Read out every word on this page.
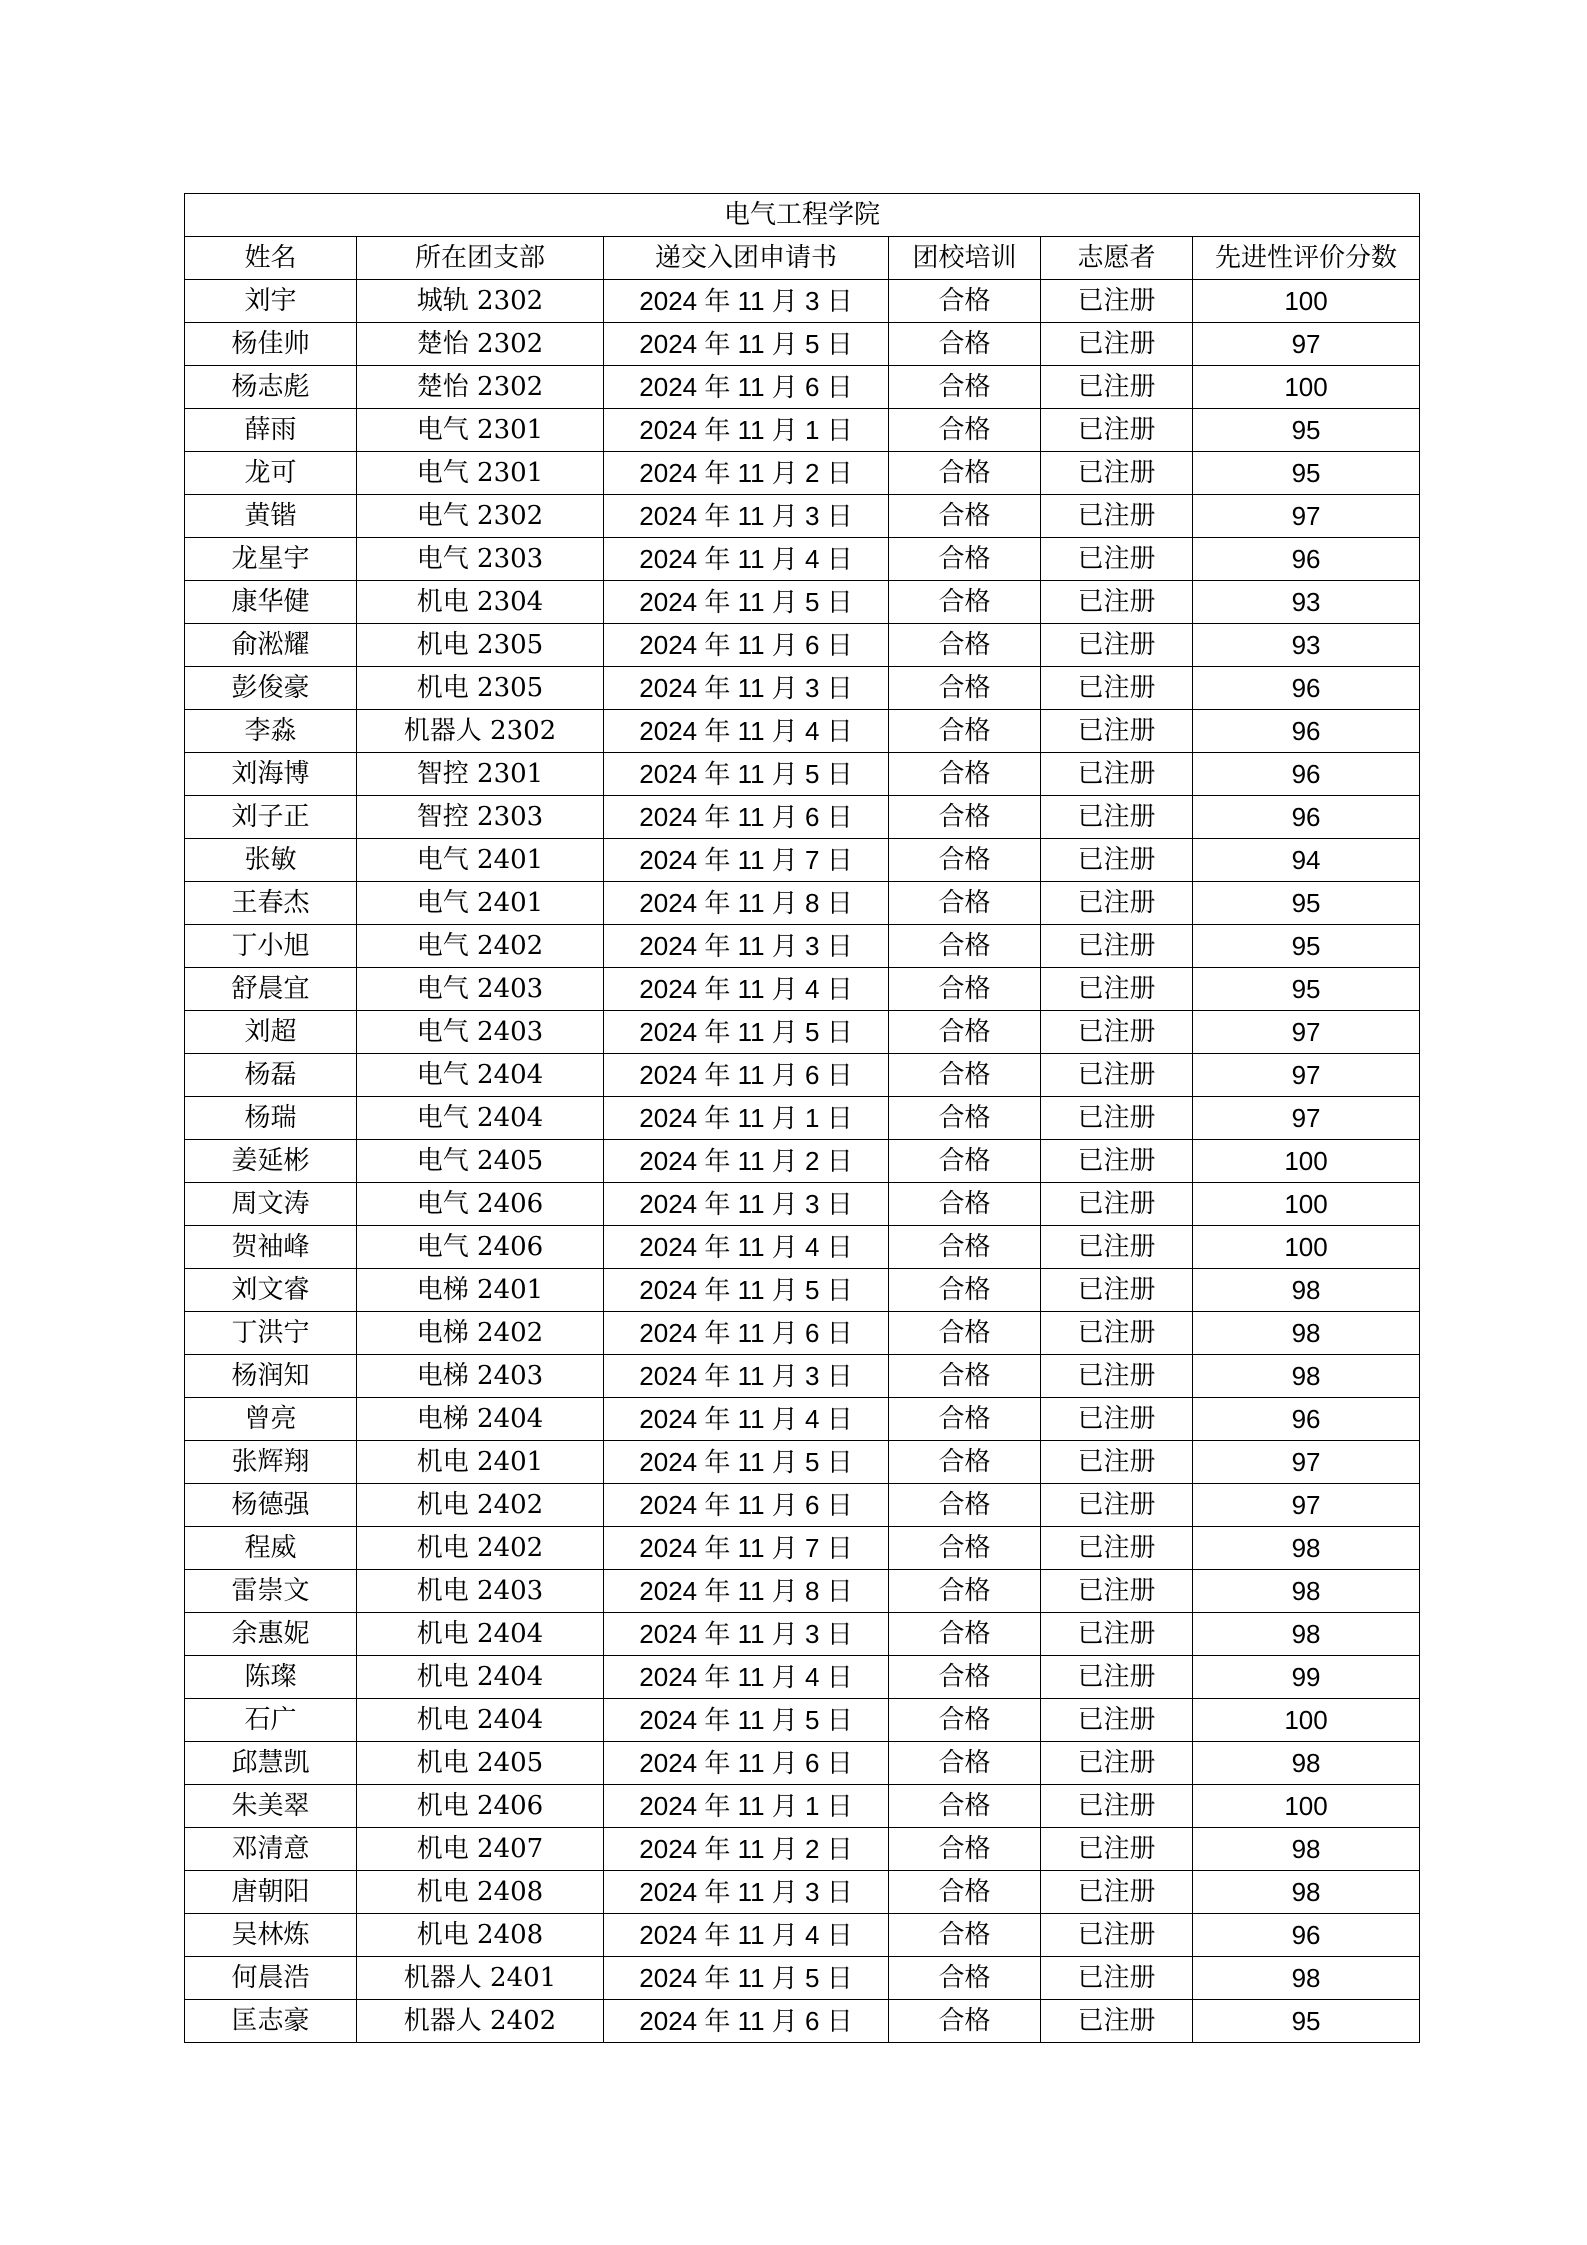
电气工程学院					
姓名	所在团支部	递交入团申请书	团校培训	志愿者	先进性评价分数
刘宇	城轨 2302	2024 年 11 月 3 日	合格	已注册	100
杨佳帅	楚怡 2302	2024 年 11 月 5 日	合格	已注册	97
杨志彪	楚怡 2302	2024 年 11 月 6 日	合格	已注册	100
薛雨	电气 2301	2024 年 11 月 1 日	合格	已注册	95
龙可	电气 2301	2024 年 11 月 2 日	合格	已注册	95
黄锴	电气 2302	2024 年 11 月 3 日	合格	已注册	97
龙星宇	电气 2303	2024 年 11 月 4 日	合格	已注册	96
康华健	机电 2304	2024 年 11 月 5 日	合格	已注册	93
俞淞耀	机电 2305	2024 年 11 月 6 日	合格	已注册	93
彭俊豪	机电 2305	2024 年 11 月 3 日	合格	已注册	96
李淼	机器人 2302	2024 年 11 月 4 日	合格	已注册	96
刘海博	智控 2301	2024 年 11 月 5 日	合格	已注册	96
刘子正	智控 2303	2024 年 11 月 6 日	合格	已注册	96
张敏	电气 2401	2024 年 11 月 7 日	合格	已注册	94
王春杰	电气 2401	2024 年 11 月 8 日	合格	已注册	95
丁小旭	电气 2402	2024 年 11 月 3 日	合格	已注册	95
舒晨宜	电气 2403	2024 年 11 月 4 日	合格	已注册	95
刘超	电气 2403	2024 年 11 月 5 日	合格	已注册	97
杨磊	电气 2404	2024 年 11 月 6 日	合格	已注册	97
杨瑞	电气 2404	2024 年 11 月 1 日	合格	已注册	97
姜延彬	电气 2405	2024 年 11 月 2 日	合格	已注册	100
周文涛	电气 2406	2024 年 11 月 3 日	合格	已注册	100
贺袖峰	电气 2406	2024 年 11 月 4 日	合格	已注册	100
刘文睿	电梯 2401	2024 年 11 月 5 日	合格	已注册	98
丁洪宁	电梯 2402	2024 年 11 月 6 日	合格	已注册	98
杨润知	电梯 2403	2024 年 11 月 3 日	合格	已注册	98
曾亮	电梯 2404	2024 年 11 月 4 日	合格	已注册	96
张辉翔	机电 2401	2024 年 11 月 5 日	合格	已注册	97
杨德强	机电 2402	2024 年 11 月 6 日	合格	已注册	97
程威	机电 2402	2024 年 11 月 7 日	合格	已注册	98
雷崇文	机电 2403	2024 年 11 月 8 日	合格	已注册	98
余惠妮	机电 2404	2024 年 11 月 3 日	合格	已注册	98
陈璨	机电 2404	2024 年 11 月 4 日	合格	已注册	99
石广	机电 2404	2024 年 11 月 5 日	合格	已注册	100
邱慧凯	机电 2405	2024 年 11 月 6 日	合格	已注册	98
朱美翠	机电 2406	2024 年 11 月 1 日	合格	已注册	100
邓清意	机电 2407	2024 年 11 月 2 日	合格	已注册	98
唐朝阳	机电 2408	2024 年 11 月 3 日	合格	已注册	98
吴林炼	机电 2408	2024 年 11 月 4 日	合格	已注册	96
何晨浩	机器人 2401	2024 年 11 月 5 日	合格	已注册	98
匡志豪	机器人 2402	2024 年 11 月 6 日	合格	已注册	95
